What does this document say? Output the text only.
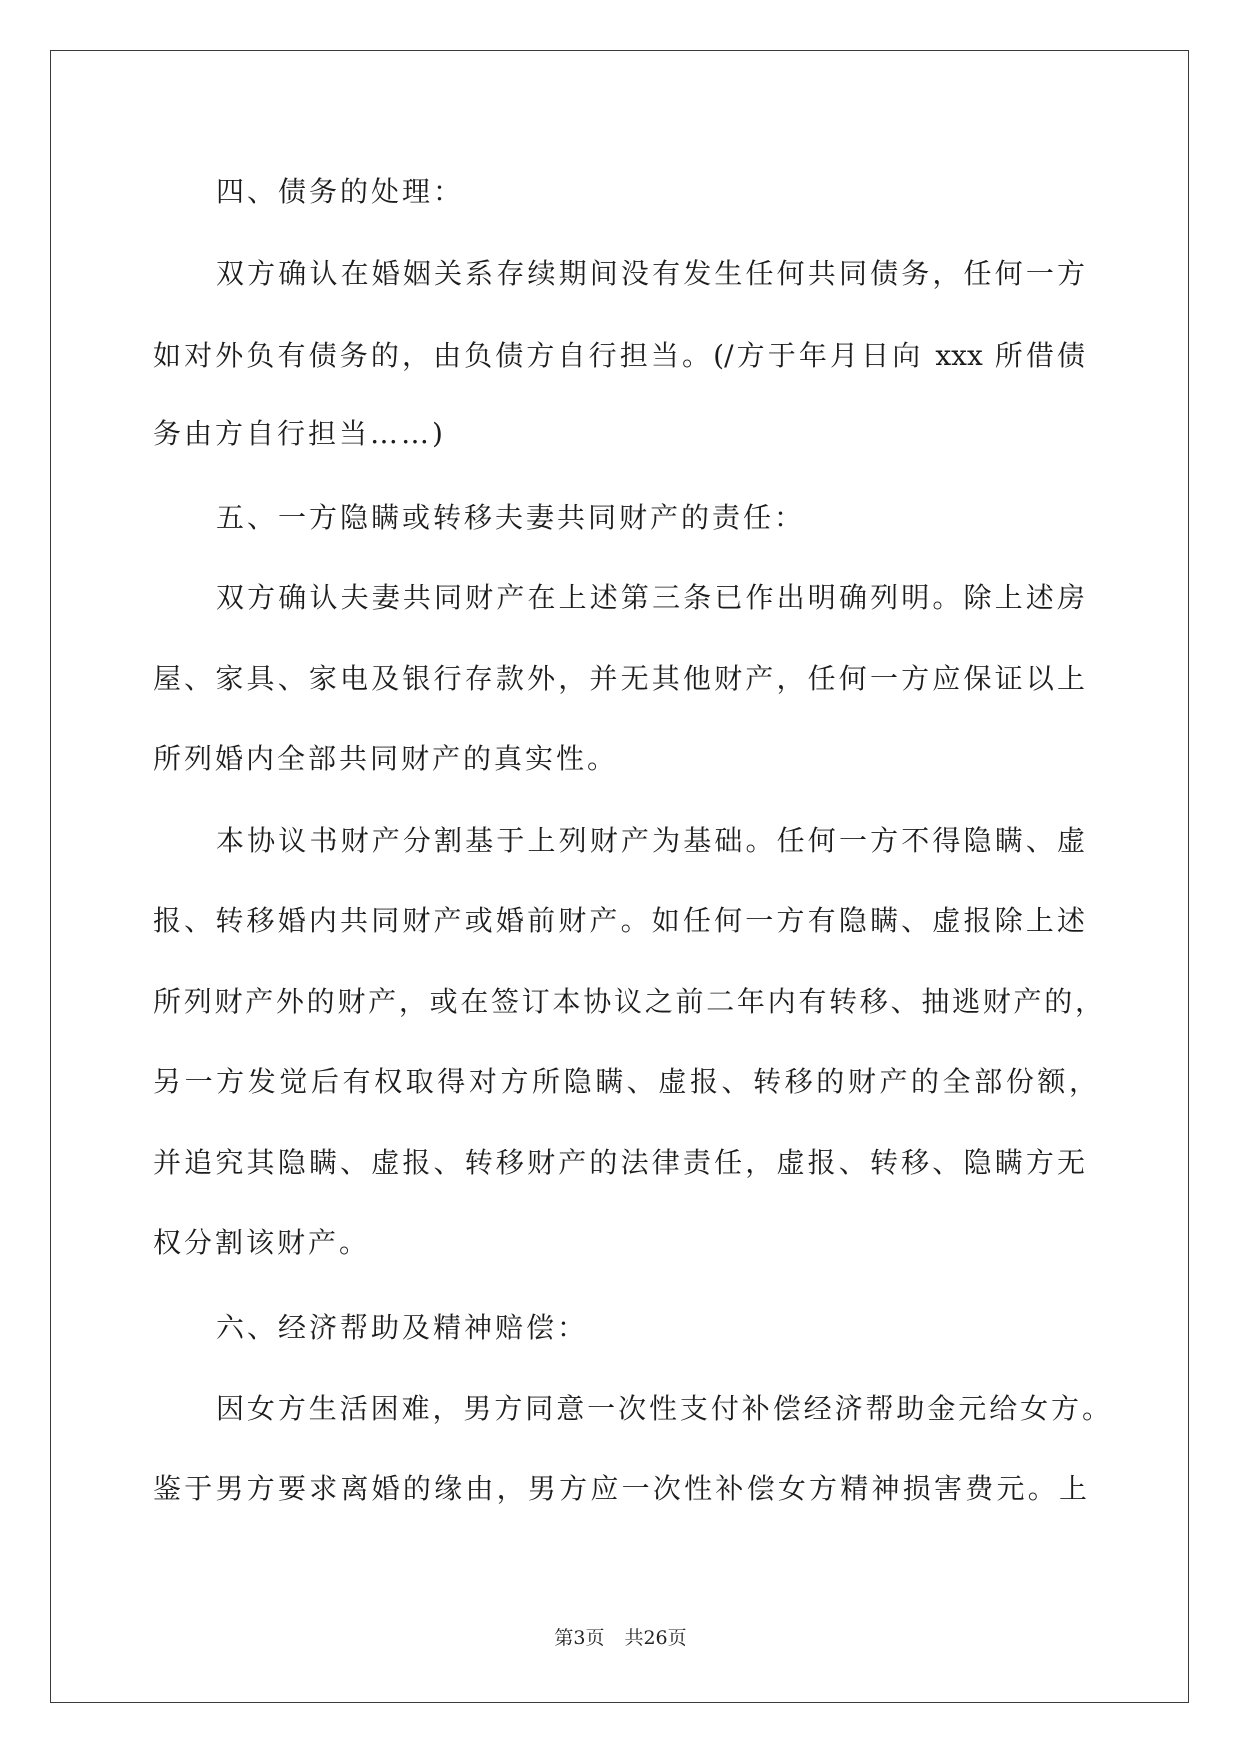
四、债务的处理：
双方确认在婚姻关系存续期间没有发生任何共同债务，任何一方
如对外负有债务的，由负债方自行担当。(/方于年月日向 xxx 所借债
务由方自行担当……)
五、一方隐瞒或转移夫妻共同财产的责任：
双方确认夫妻共同财产在上述第三条已作出明确列明。除上述房
屋、家具、家电及银行存款外，并无其他财产，任何一方应保证以上
所列婚内全部共同财产的真实性。
本协议书财产分割基于上列财产为基础。任何一方不得隐瞒、虚
报、转移婚内共同财产或婚前财产。如任何一方有隐瞒、虚报除上述
所列财产外的财产，或在签订本协议之前二年内有转移、抽逃财产的，
另一方发觉后有权取得对方所隐瞒、虚报、转移的财产的全部份额，
并追究其隐瞒、虚报、转移财产的法律责任，虚报、转移、隐瞒方无
权分割该财产。
六、经济帮助及精神赔偿：
因女方生活困难，男方同意一次性支付补偿经济帮助金元给女方。
鉴于男方要求离婚的缘由，男方应一次性补偿女方精神损害费元。上
第3页 共26页
